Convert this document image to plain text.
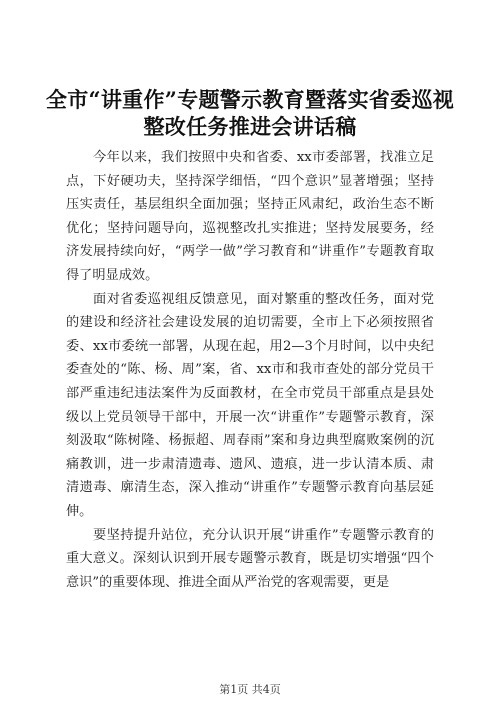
全市“讲重作”专题警示教育暨落实省委巡视
整改任务推进会讲话稿

今年以来，我们按照中央和省委、xx市委部署，找准立足点，下好硬功夫，坚持深学细悟，“四个意识”显著增强；坚持压实责任，基层组织全面加强；坚持正风肃纪，政治生态不断优化；坚持问题导向，巡视整改扎实推进；坚持发展要务，经济发展持续向好，“两学一做”学习教育和“讲重作”专题教育取得了明显成效。

面对省委巡视组反馈意见，面对繁重的整改任务，面对党的建设和经济社会建设发展的迫切需要，全市上下必须按照省委、xx市委统一部署，从现在起，用2—3个月时间，以中央纪委查处的“陈、杨、周”案，省、xx市和我市查处的部分党员干部严重违纪违法案件为反面教材，在全市党员干部重点是县处级以上党员领导干部中，开展一次“讲重作”专题警示教育，深刻汲取“陈树隆、杨振超、周春雨”案和身边典型腐败案例的沉痛教训，进一步肃清遗毒、遗风、遗痕，进一步认清本质、肃清遗毒、廓清生态，深入推动“讲重作”专题警示教育向基层延伸。

要坚持提升站位，充分认识开展“讲重作”专题警示教育的重大意义。深刻认识到开展专题警示教育，既是切实增强“四个意识”的重要体现、推进全面从严治党的客观需要，更是

第1页 共4页
